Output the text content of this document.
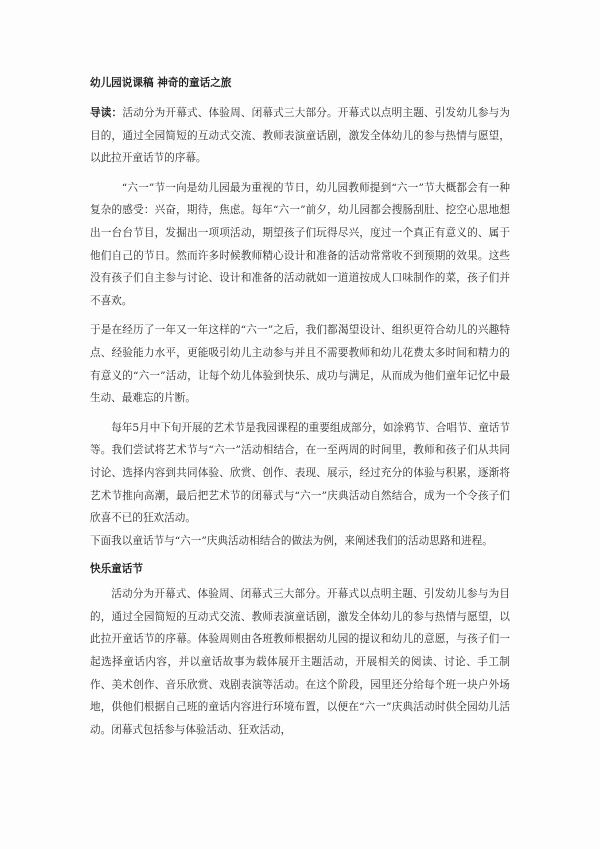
幼儿园说课稿 神奇的童话之旅

导读：活动分为开幕式、体验周、闭幕式三大部分。开幕式以点明主题、引发幼儿参与为目的，通过全园简短的互动式交流、教师表演童话剧，激发全体幼儿的参与热情与愿望，以此拉开童话节的序幕。

“六一”节一向是幼儿园最为重视的节日，幼儿园教师提到“六一”节大概都会有一种复杂的感受：兴奋，期待，焦虑。每年“六一”前夕，幼儿园都会搜肠刮肚、挖空心思地想出一台台节目，发掘出一项项活动，期望孩子们玩得尽兴，度过一个真正有意义的、属于他们自己的节日。然而许多时候教师精心设计和准备的活动常常收不到预期的效果。这些没有孩子们自主参与讨论、设计和准备的活动就如一道道按成人口味制作的菜，孩子们并不喜欢。

于是在经历了一年又一年这样的“六一”之后，我们都渴望设计、组织更符合幼儿的兴趣特点、经验能力水平，更能吸引幼儿主动参与并且不需要教师和幼儿花费太多时间和精力的有意义的“六一”活动，让每个幼儿体验到快乐、成功与满足，从而成为他们童年记忆中最生动、最难忘的片断。

每年5月中下旬开展的艺术节是我园课程的重要组成部分，如涂鸦节、合唱节、童话节等。我们尝试将艺术节与“六一”活动相结合，在一至两周的时间里，教师和孩子们从共同讨论、选择内容到共同体验、欣赏、创作、表现、展示，经过充分的体验与积累，逐渐将艺术节推向高潮，最后把艺术节的闭幕式与“六一”庆典活动自然结合，成为一个令孩子们欣喜不已的狂欢活动。

下面我以童话节与“六一”庆典活动相结合的做法为例，来阐述我们的活动思路和进程。

快乐童话节

活动分为开幕式、体验周、闭幕式三大部分。开幕式以点明主题、引发幼儿参与为目的，通过全园简短的互动式交流、教师表演童话剧，激发全体幼儿的参与热情与愿望，以此拉开童话节的序幕。体验周则由各班教师根据幼儿园的提议和幼儿的意愿，与孩子们一起选择童话内容，并以童话故事为载体展开主题活动，开展相关的阅读、讨论、手工制作、美术创作、音乐欣赏、戏剧表演等活动。在这个阶段，园里还分给每个班一块户外场地，供他们根据自己班的童话内容进行环境布置，以便在“六一”庆典活动时供全园幼儿活动。闭幕式包括参与体验活动、狂欢活动，
